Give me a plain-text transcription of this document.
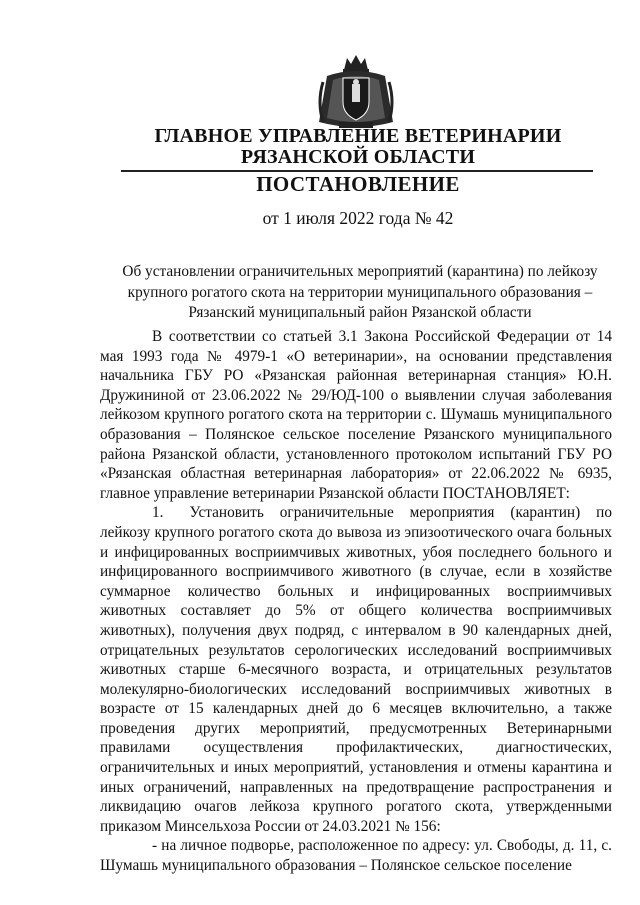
ГЛАВНОЕ УПРАВЛЕНИЕ ВЕТЕРИНАРИИ
РЯЗАНСКОЙ ОБЛАСТИ
ПОСТАНОВЛЕНИЕ
от 1 июля 2022 года № 42
Об установлении ограничительных мероприятий (карантина) по лейкозу
крупного рогатого скота на территории муниципального образования –
Рязанский муниципальный район Рязанской области

В соответствии со статьей 3.1 Закона Российской Федерации от 14 мая 1993 года № 4979-1 «О ветеринарии», на основании представления начальника ГБУ РО «Рязанская районная ветеринарная станция» Ю.Н. Дружининой от 23.06.2022 № 29/ЮД-100 о выявлении случая заболевания лейкозом крупного рогатого скота на территории с. Шумашь муниципального образования – Полянское сельское поселение Рязанского муниципального района Рязанской области, установленного протоколом испытаний ГБУ РО «Рязанская областная ветеринарная лаборатория» от 22.06.2022 № 6935, главное управление ветеринарии Рязанской области ПОСТАНОВЛЯЕТ:

1. Установить ограничительные мероприятия (карантин) по лейкозу крупного рогатого скота до вывоза из эпизоотического очага больных и инфицированных восприимчивых животных, убоя последнего больного и инфицированного восприимчивого животного (в случае, если в хозяйстве суммарное количество больных и инфицированных восприимчивых животных составляет до 5% от общего количества восприимчивых животных), получения двух подряд, с интервалом в 90 календарных дней, отрицательных результатов серологических исследований восприимчивых животных старше 6-месячного возраста, и отрицательных результатов молекулярно-биологических исследований восприимчивых животных в возрасте от 15 календарных дней до 6 месяцев включительно, а также проведения других мероприятий, предусмотренных Ветеринарными правилами осуществления профилактических, диагностических, ограничительных и иных мероприятий, установления и отмены карантина и иных ограничений, направленных на предотвращение распространения и ликвидацию очагов лейкоза крупного рогатого скота, утвержденными приказом Минсельхоза России от 24.03.2021 № 156:

- на личное подворье, расположенное по адресу: ул. Свободы, д. 11, с. Шумашь муниципального образования – Полянское сельское поселение
